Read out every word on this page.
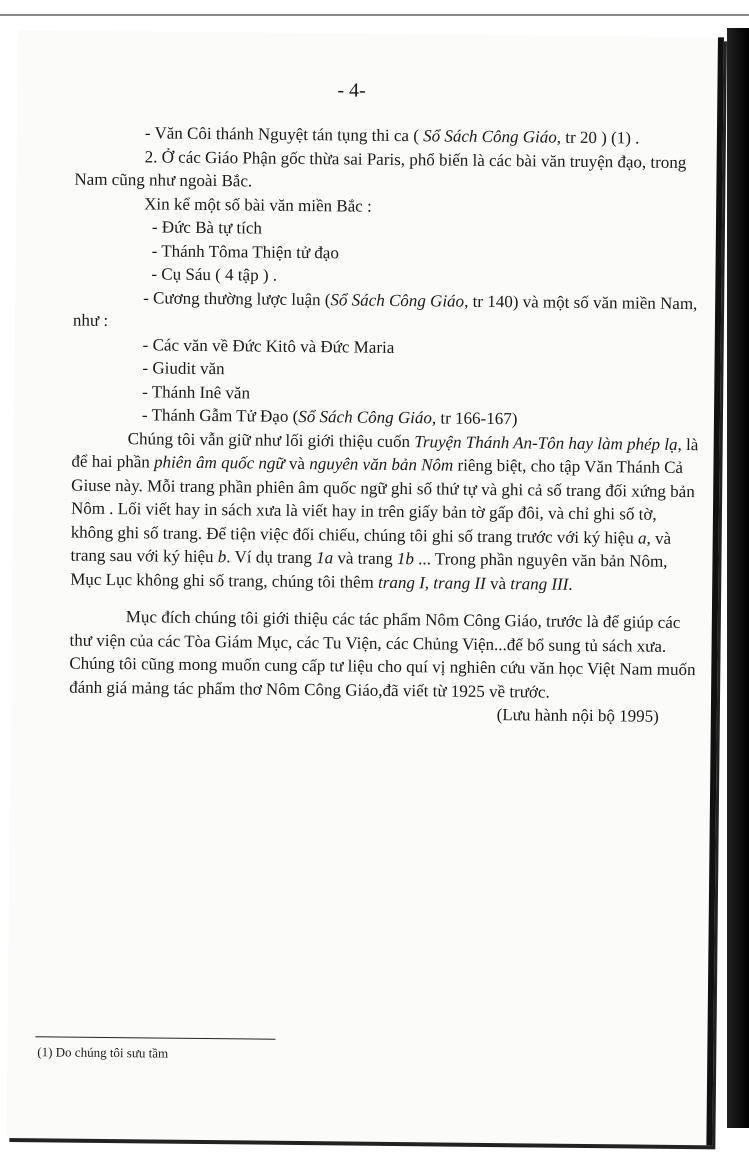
- 4-

- Văn Côi thánh Nguyệt tán tụng thi ca ( Sổ Sách Công Giáo, tr 20 ) (1) .

2. Ở các Giáo Phận gốc thừa sai Paris, phổ biến là các bài văn truyện đạo, trong Nam cũng như ngoài Bắc.

Xin kể một số bài văn miền Bắc :

- Đức Bà tự tích

- Thánh Tôma Thiện tử đạo

- Cụ Sáu ( 4 tập ) .

- Cương thường lược luận (Sổ Sách Công Giáo, tr 140) và một số văn miền Nam, như :

- Các văn về Đức Kitô và Đức Maria

- Giudit văn

- Thánh Inê văn

- Thánh Gẫm Tử Đạo (Sổ Sách Công Giáo, tr 166-167)

Chúng tôi vẫn giữ như lối giới thiệu cuốn Truyện Thánh An-Tôn hay làm phép lạ, là để hai phần phiên âm quốc ngữ và nguyên văn bản Nôm riêng biệt, cho tập Văn Thánh Cả Giuse này. Mỗi trang phần phiên âm quốc ngữ ghi số thứ tự và ghi cả số trang đối xứng bản Nôm . Lối viết hay in sách xưa là viết hay in trên giấy bản tờ gấp đôi, và chỉ ghi số tờ, không ghi số trang. Để tiện việc đối chiếu, chúng tôi ghi số trang trước với ký hiệu a, và trang sau với ký hiệu b. Ví dụ trang 1a và trang 1b ... Trong phần nguyên văn bản Nôm, Mục Lục không ghi số trang, chúng tôi thêm trang I, trang II và trang III.

Mục đích chúng tôi giới thiệu các tác phẩm Nôm Công Giáo, trước là để giúp các thư viện của các Tòa Giám Mục, các Tu Viện, các Chủng Viện...để bổ sung tủ sách xưa. Chúng tôi cũng mong muốn cung cấp tư liệu cho quí vị nghiên cứu văn học Việt Nam muốn đánh giá mảng tác phẩm thơ Nôm Công Giáo,đã viết từ 1925 về trước.

(Lưu hành nội bộ 1995)

(1) Do chúng tôi sưu tầm
